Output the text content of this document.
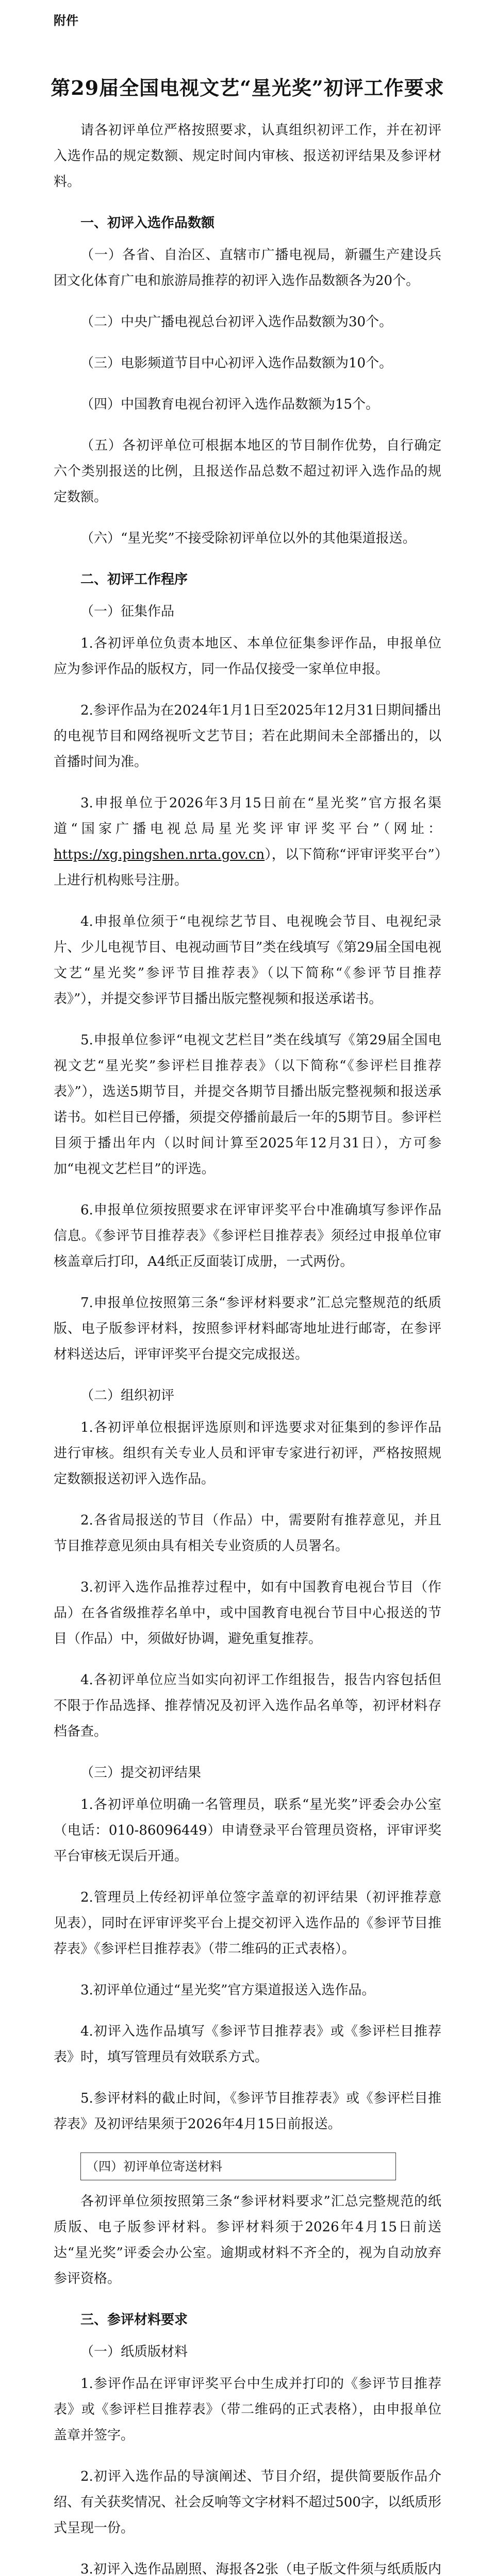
附件
第29届全国电视文艺“星光奖”初评工作要求

请各初评单位严格按照要求，认真组织初评工作，并在初评入选作品的规定数额、规定时间内审核、报送初评结果及参评材料。

一、初评入选作品数额

（一）各省、自治区、直辖市广播电视局，新疆生产建设兵团文化体育广电和旅游局推荐的初评入选作品数额各为20个。

（二）中央广播电视总台初评入选作品数额为30个。

（三）电影频道节目中心初评入选作品数额为10个。

（四）中国教育电视台初评入选作品数额为15个。

（五）各初评单位可根据本地区的节目制作优势，自行确定六个类别报送的比例，且报送作品总数不超过初评入选作品的规定数额。

（六）“星光奖”不接受除初评单位以外的其他渠道报送。

二、初评工作程序
（一）征集作品

1.各初评单位负责本地区、本单位征集参评作品，申报单位应为参评作品的版权方，同一作品仅接受一家单位申报。

2.参评作品为在2024年1月1日至2025年12月31日期间播出的电视节目和网络视听文艺节目；若在此期间未全部播出的，以首播时间为准。

3.申报单位于2026年3月15日前在“星光奖”官方报名渠道“国家广播电视总局星光奖评审评奖平台”（网址：https://xg.pingshen.nrta.gov.cn），以下简称“评审评奖平台”）上进行机构账号注册。

4.申报单位须于“电视综艺节目、电视晚会节目、电视纪录片、少儿电视节目、电视动画节目”类在线填写《第29届全国电视文艺“星光奖”参评节目推荐表》（以下简称“《参评节目推荐表》”），并提交参评节目播出版完整视频和报送承诺书。

5.申报单位参评“电视文艺栏目”类在线填写《第29届全国电视文艺“星光奖”参评栏目推荐表》（以下简称“《参评栏目推荐表》”），选送5期节目，并提交各期节目播出版完整视频和报送承诺书。如栏目已停播，须提交停播前最后一年的5期节目。参评栏目须于播出年内（以时间计算至2025年12月31日），方可参加“电视文艺栏目”的评选。

6.申报单位须按照要求在评审评奖平台中准确填写参评作品信息。《参评节目推荐表》《参评栏目推荐表》须经过申报单位审核盖章后打印，A4纸正反面装订成册，一式两份。

7.申报单位按照第三条“参评材料要求”汇总完整规范的纸质版、电子版参评材料，按照参评材料邮寄地址进行邮寄，在参评材料送达后，评审评奖平台提交完成报送。

（二）组织初评

1.各初评单位根据评选原则和评选要求对征集到的参评作品进行审核。组织有关专业人员和评审专家进行初评，严格按照规定数额报送初评入选作品。

2.各省局报送的节目（作品）中，需要附有推荐意见，并且节目推荐意见须由具有相关专业资质的人员署名。

3.初评入选作品推荐过程中，如有中国教育电视台节目（作品）在各省级推荐名单中，或中国教育电视台节目中心报送的节目（作品）中，须做好协调，避免重复推荐。

4.各初评单位应当如实向初评工作组报告，报告内容包括但不限于作品选择、推荐情况及初评入选作品名单等，初评材料存档备查。

（三）提交初评结果

1.各初评单位明确一名管理员，联系“星光奖”评委会办公室（电话：010-86096449）申请登录平台管理员资格，评审评奖平台审核无误后开通。

2.管理员上传经初评单位签字盖章的初评结果（初评推荐意见表），同时在评审评奖平台上提交初评入选作品的《参评节目推荐表》《参评栏目推荐表》（带二维码的正式表格）。

3.初评单位通过“星光奖”官方渠道报送入选作品。

4.初评入选作品填写《参评节目推荐表》或《参评栏目推荐表》时，填写管理员有效联系方式。

5.参评材料的截止时间，《参评节目推荐表》或《参评栏目推荐表》及初评结果须于2026年4月15日前报送。

（四）初评单位寄送材料

各初评单位须按照第三条“参评材料要求”汇总完整规范的纸质版、电子版参评材料。参评材料须于2026年4月15日前送达“星光奖”评委会办公室。逾期或材料不齐全的，视为自动放弃参评资格。

三、参评材料要求
（一）纸质版材料

1.参评作品在评审评奖平台中生成并打印的《参评节目推荐表》或《参评栏目推荐表》（带二维码的正式表格），由申报单位盖章并签字。

2.初评入选作品的导演阐述、节目介绍，提供简要版作品介绍、有关获奖情况、社会反响等文字材料不超过500字，以纸质形式呈现一份。

3.初评入选作品剧照、海报各2张（电子版文件须与纸质版内
